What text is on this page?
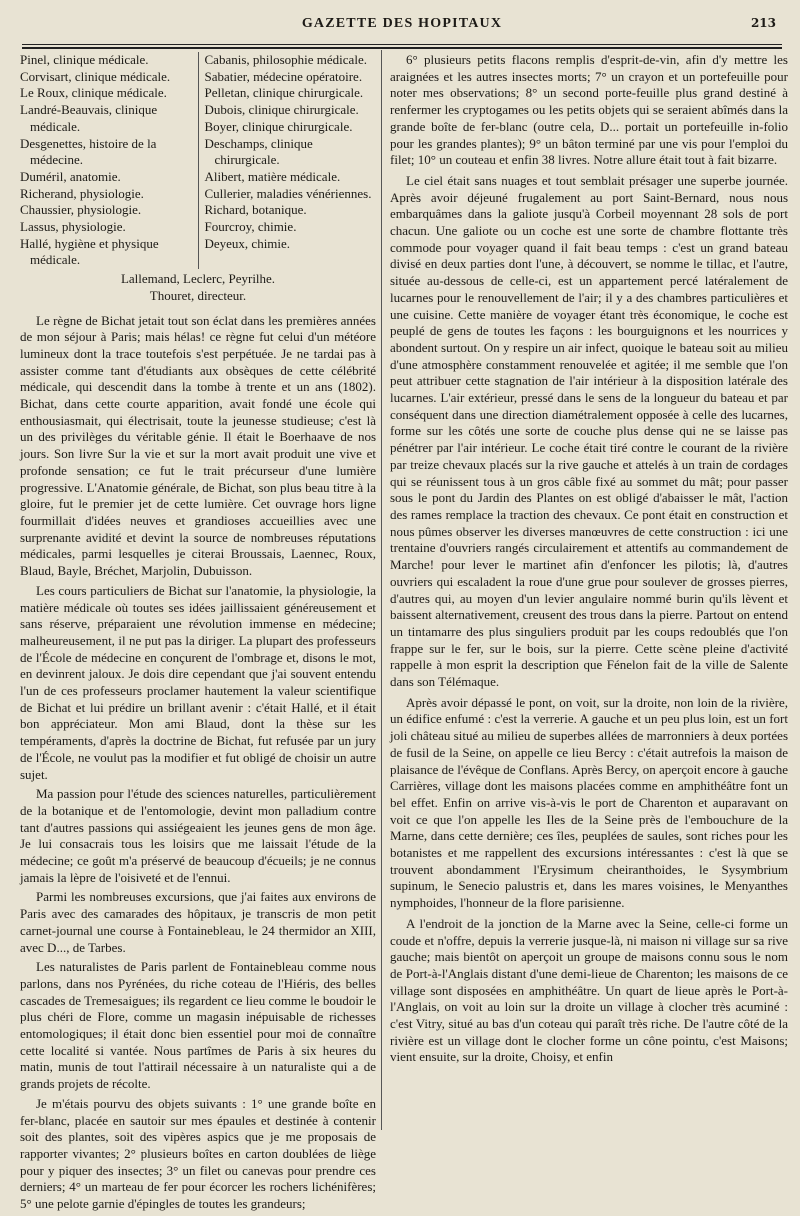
GAZETTE DES HOPITAUX	213
Pinel, clinique médicale.
Corvisart, clinique médicale.
Le Roux, clinique médicale.
Landré-Beauvais, clinique médicale.
Desgenettes, histoire de la médecine.
Duméril, anatomie.
Richerand, physiologie.
Chaussier, physiologie.
Lassus, physiologie.
Hallé, hygiène et physique médicale.
Cabanis, philosophie médicale.
Sabatier, médecine opératoire.
Pelletan, clinique chirurgicale.
Dubois, clinique chirurgicale.
Boyer, clinique chirurgicale.
Deschamps, clinique chirurgicale.
Alibert, matière médicale.
Cullerier, maladies vénériennes.
Richard, botanique.
Fourcroy, chimie.
Deyeux, chimie.
Lallemand, Leclerc, Peyrilhe.
Thouret, directeur.

Le règne de Bichat jetait tout son éclat dans les premières années de mon séjour à Paris; mais hélas! ce règne fut celui d'un météore lumineux dont la trace toutefois s'est perpétuée. Je ne tardai pas à assister comme tant d'étudiants aux obsèques de cette célébrité médicale, qui descendit dans la tombe à trente et un ans (1802). Bichat, dans cette courte apparition, avait fondé une école qui enthousiasmait, qui électrisait, toute la jeunesse studieuse; c'est là un des privilèges du véritable génie. Il était le Boerhaave de nos jours. Son livre Sur la vie et sur la mort avait produit une vive et profonde sensation; ce fut le trait précurseur d'une lumière progressive. L'Anatomie générale, de Bichat, son plus beau titre à la gloire, fut le premier jet de cette lumière. Cet ouvrage hors ligne fourmillait d'idées neuves et grandioses accueillies avec une surprenante avidité et devint la source de nombreuses réputations médicales, parmi lesquelles je citerai Broussais, Laennec, Roux, Blaud, Bayle, Bréchet, Marjolin, Dubuisson.

Les cours particuliers de Bichat sur l'anatomie, la physiologie, la matière médicale où toutes ses idées jaillissaient généreusement et sans réserve, préparaient une révolution immense en médecine; malheureusement, il ne put pas la diriger. La plupart des professeurs de l'École de médecine en conçurent de l'ombrage et, disons le mot, en devinrent jaloux. Je dois dire cependant que j'ai souvent entendu l'un de ces professeurs proclamer hautement la valeur scientifique de Bichat et lui prédire un brillant avenir : c'était Hallé, et il était bon appréciateur. Mon ami Blaud, dont la thèse sur les tempéraments, d'après la doctrine de Bichat, fut refusée par un jury de l'École, ne voulut pas la modifier et fut obligé de choisir un autre sujet.

Ma passion pour l'étude des sciences naturelles, particulièrement de la botanique et de l'entomologie, devint mon palladium contre tant d'autres passions qui assiégeaient les jeunes gens de mon âge. Je lui consacrais tous les loisirs que me laissait l'étude de la médecine; ce goût m'a préservé de beaucoup d'écueils; je ne connus jamais la lèpre de l'oisiveté et de l'ennui.

Parmi les nombreuses excursions, que j'ai faites aux environs de Paris avec des camarades des hôpitaux, je transcris de mon petit carnet-journal une course à Fontainebleau, le 24 thermidor an XIII, avec D..., de Tarbes.

Les naturalistes de Paris parlent de Fontainebleau comme nous parlons, dans nos Pyrénées, du riche coteau de l'Hiéris, des belles cascades de Tremesaigues; ils regardent ce lieu comme le boudoir le plus chéri de Flore, comme un magasin inépuisable de richesses entomologiques; il était donc bien essentiel pour moi de connaître cette localité si vantée. Nous partîmes de Paris à six heures du matin, munis de tout l'attirail nécessaire à un naturaliste qui a de grands projets de récolte.

Je m'étais pourvu des objets suivants : 1° une grande boîte en fer-blanc, placée en sautoir sur mes épaules et destinée à contenir soit des plantes, soit des vipères aspics que je me proposais de rapporter vivantes; 2° plusieurs boîtes en carton doublées de liège pour y piquer des insectes; 3° un filet ou canevas pour prendre ces derniers; 4° un marteau de fer pour écorcer les rochers lichénifères; 5° une pelote garnie d'épingles de toutes les grandeurs;

6° plusieurs petits flacons remplis d'esprit-de-vin, afin d'y mettre les araignées et les autres insectes morts; 7° un crayon et un portefeuille pour noter mes observations; 8° un second porte-feuille plus grand destiné à renfermer les cryptogames ou les petits objets qui se seraient abîmés dans la grande boîte de fer-blanc (outre cela, D... portait un portefeuille in-folio pour les grandes plantes); 9° un bâton terminé par une vis pour l'emploi du filet; 10° un couteau et enfin 38 livres. Notre allure était tout à fait bizarre.

Le ciel était sans nuages et tout semblait présager une superbe journée. Après avoir déjeuné frugalement au port Saint-Bernard, nous nous embarquâmes dans la galiote jusqu'à Corbeil moyennant 28 sols de port chacun. Une galiote ou un coche est une sorte de chambre flottante très commode pour voyager quand il fait beau temps : c'est un grand bateau divisé en deux parties dont l'une, à découvert, se nomme le tillac, et l'autre, située au-dessous de celle-ci, est un appartement percé latéralement de lucarnes pour le renouvellement de l'air; il y a des chambres particulières et une cuisine. Cette manière de voyager étant très économique, le coche est peuplé de gens de toutes les façons : les bourguignons et les nourrices y abondent surtout. On y respire un air infect, quoique le bateau soit au milieu d'une atmosphère constamment renouvelée et agitée; il me semble que l'on peut attribuer cette stagnation de l'air intérieur à la disposition latérale des lucarnes. L'air extérieur, pressé dans le sens de la longueur du bateau et par conséquent dans une direction diamétralement opposée à celle des lucarnes, forme sur les côtés une sorte de couche plus dense qui ne se laisse pas pénétrer par l'air intérieur. Le coche était tiré contre le courant de la rivière par treize chevaux placés sur la rive gauche et attelés à un train de cordages qui se réunissent tous à un gros câble fixé au sommet du mât; pour passer sous le pont du Jardin des Plantes on est obligé d'abaisser le mât, l'action des rames remplace la traction des chevaux. Ce pont était en construction et nous pûmes observer les diverses manœuvres de cette construction : ici une trentaine d'ouvriers rangés circulairement et attentifs au commandement de Marche! pour lever le martinet afin d'enfoncer les pilotis; là, d'autres ouvriers qui escaladent la roue d'une grue pour soulever de grosses pierres, d'autres qui, au moyen d'un levier angulaire nommé burin qu'ils lèvent et baissent alternativement, creusent des trous dans la pierre. Partout on entend un tintamarre des plus singuliers produit par les coups redoublés que l'on frappe sur le fer, sur le bois, sur la pierre. Cette scène pleine d'activité rappelle à mon esprit la description que Fénelon fait de la ville de Salente dans son Télémaque.

Après avoir dépassé le pont, on voit, sur la droite, non loin de la rivière, un édifice enfumé : c'est la verrerie. A gauche et un peu plus loin, est un fort joli château situé au milieu de superbes allées de marronniers à deux portées de fusil de la Seine, on appelle ce lieu Bercy : c'était autrefois la maison de plaisance de l'évêque de Conflans. Après Bercy, on aperçoit encore à gauche Carrières, village dont les maisons placées comme en amphithéâtre font un bel effet. Enfin on arrive vis-à-vis le port de Charenton et auparavant on voit ce que l'on appelle les Iles de la Seine près de l'embouchure de la Marne, dans cette dernière; ces îles, peuplées de saules, sont riches pour les botanistes et me rappellent des excursions intéressantes : c'est là que se trouvent abondamment l'Erysimum cheiranthoides, le Sysymbrium supinum, le Senecio palustris et, dans les mares voisines, le Menyanthes nymphoides, l'honneur de la flore parisienne.

A l'endroit de la jonction de la Marne avec la Seine, celle-ci forme un coude et n'offre, depuis la verrerie jusque-là, ni maison ni village sur sa rive gauche; mais bientôt on aperçoit un groupe de maisons connu sous le nom de Port-à-l'Anglais distant d'une demi-lieue de Charenton; les maisons de ce village sont disposées en amphithéâtre. Un quart de lieue après le Port-à-l'Anglais, on voit au loin sur la droite un village à clocher très acuminé : c'est Vitry, situé au bas d'un coteau qui paraît très riche. De l'autre côté de la rivière est un village dont le clocher forme un cône pointu, c'est Maisons; vient ensuite, sur la droite, Choisy, et enfin
